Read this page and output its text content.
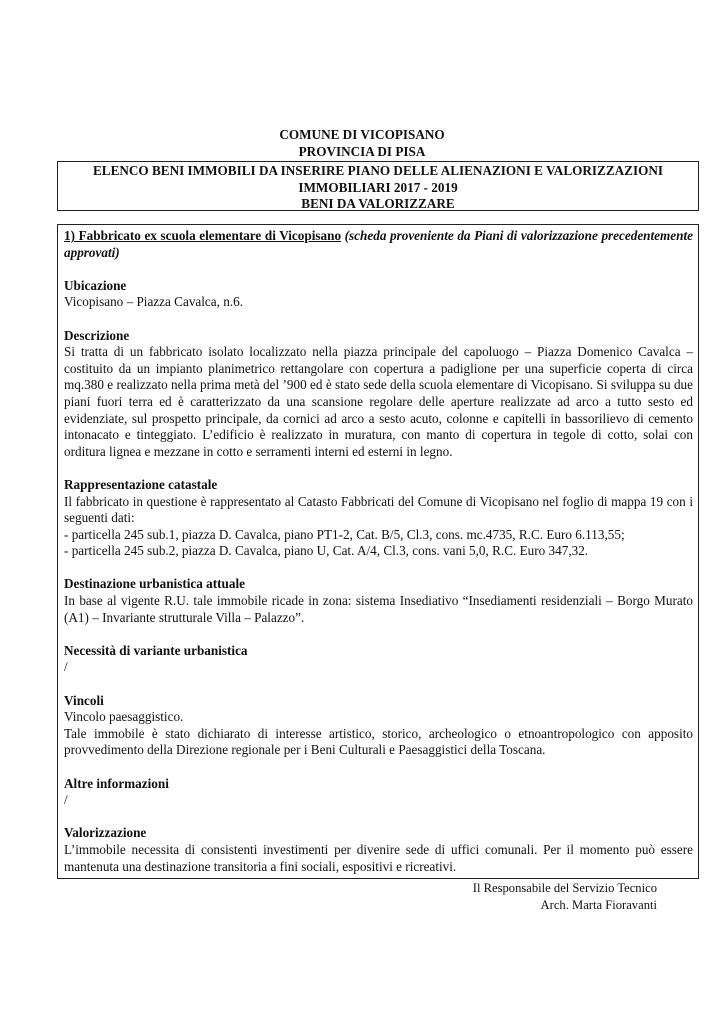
COMUNE DI VICOPISANO
PROVINCIA DI PISA
ELENCO BENI IMMOBILI DA INSERIRE PIANO DELLE ALIENAZIONI E VALORIZZAZIONI
IMMOBILIARI 2017 - 2019
BENI DA VALORIZZARE

1) Fabbricato ex scuola elementare di Vicopisano (scheda proveniente da Piani di valorizzazione precedentemente approvati)

Ubicazione

Vicopisano – Piazza Cavalca, n.6.

Descrizione

Si tratta di un fabbricato isolato localizzato nella piazza principale del capoluogo – Piazza Domenico Cavalca – costituito da un impianto planimetrico rettangolare con copertura a padiglione per una superficie coperta di circa mq.380 e realizzato nella prima metà del ’900 ed è stato sede della scuola elementare di Vicopisano. Si sviluppa su due piani fuori terra ed è caratterizzato da una scansione regolare delle aperture realizzate ad arco a tutto sesto ed evidenziate, sul prospetto principale, da cornici ad arco a sesto acuto, colonne e capitelli in bassorilievo di cemento intonacato e tinteggiato. L’edificio è realizzato in muratura, con manto di copertura in tegole di cotto, solai con orditura lignea e mezzane in cotto e serramenti interni ed esterni in legno.

Rappresentazione catastale

Il fabbricato in questione è rappresentato al Catasto Fabbricati del Comune di Vicopisano nel foglio di mappa 19 con i seguenti dati:

- particella 245 sub.1, piazza D. Cavalca, piano PT1-2, Cat. B/5, Cl.3, cons. mc.4735, R.C. Euro 6.113,55;

- particella 245 sub.2, piazza D. Cavalca, piano U, Cat. A/4, Cl.3, cons. vani 5,0, R.C. Euro 347,32.

Destinazione urbanistica attuale

In base al vigente R.U. tale immobile ricade in zona: sistema Insediativo “Insediamenti residenziali – Borgo Murato (A1) – Invariante strutturale Villa – Palazzo”.

Necessità di variante urbanistica

/

Vincoli

Vincolo paesaggistico.

Tale immobile è stato dichiarato di interesse artistico, storico, archeologico o etnoantropologico con apposito provvedimento della Direzione regionale per i Beni Culturali e Paesaggistici della Toscana.

Altre informazioni

/

Valorizzazione

L’immobile necessita di consistenti investimenti per divenire sede di uffici comunali. Per il momento può essere mantenuta una destinazione transitoria a fini sociali, espositivi e ricreativi.

Il Responsabile del Servizio Tecnico
Arch. Marta Fioravanti
